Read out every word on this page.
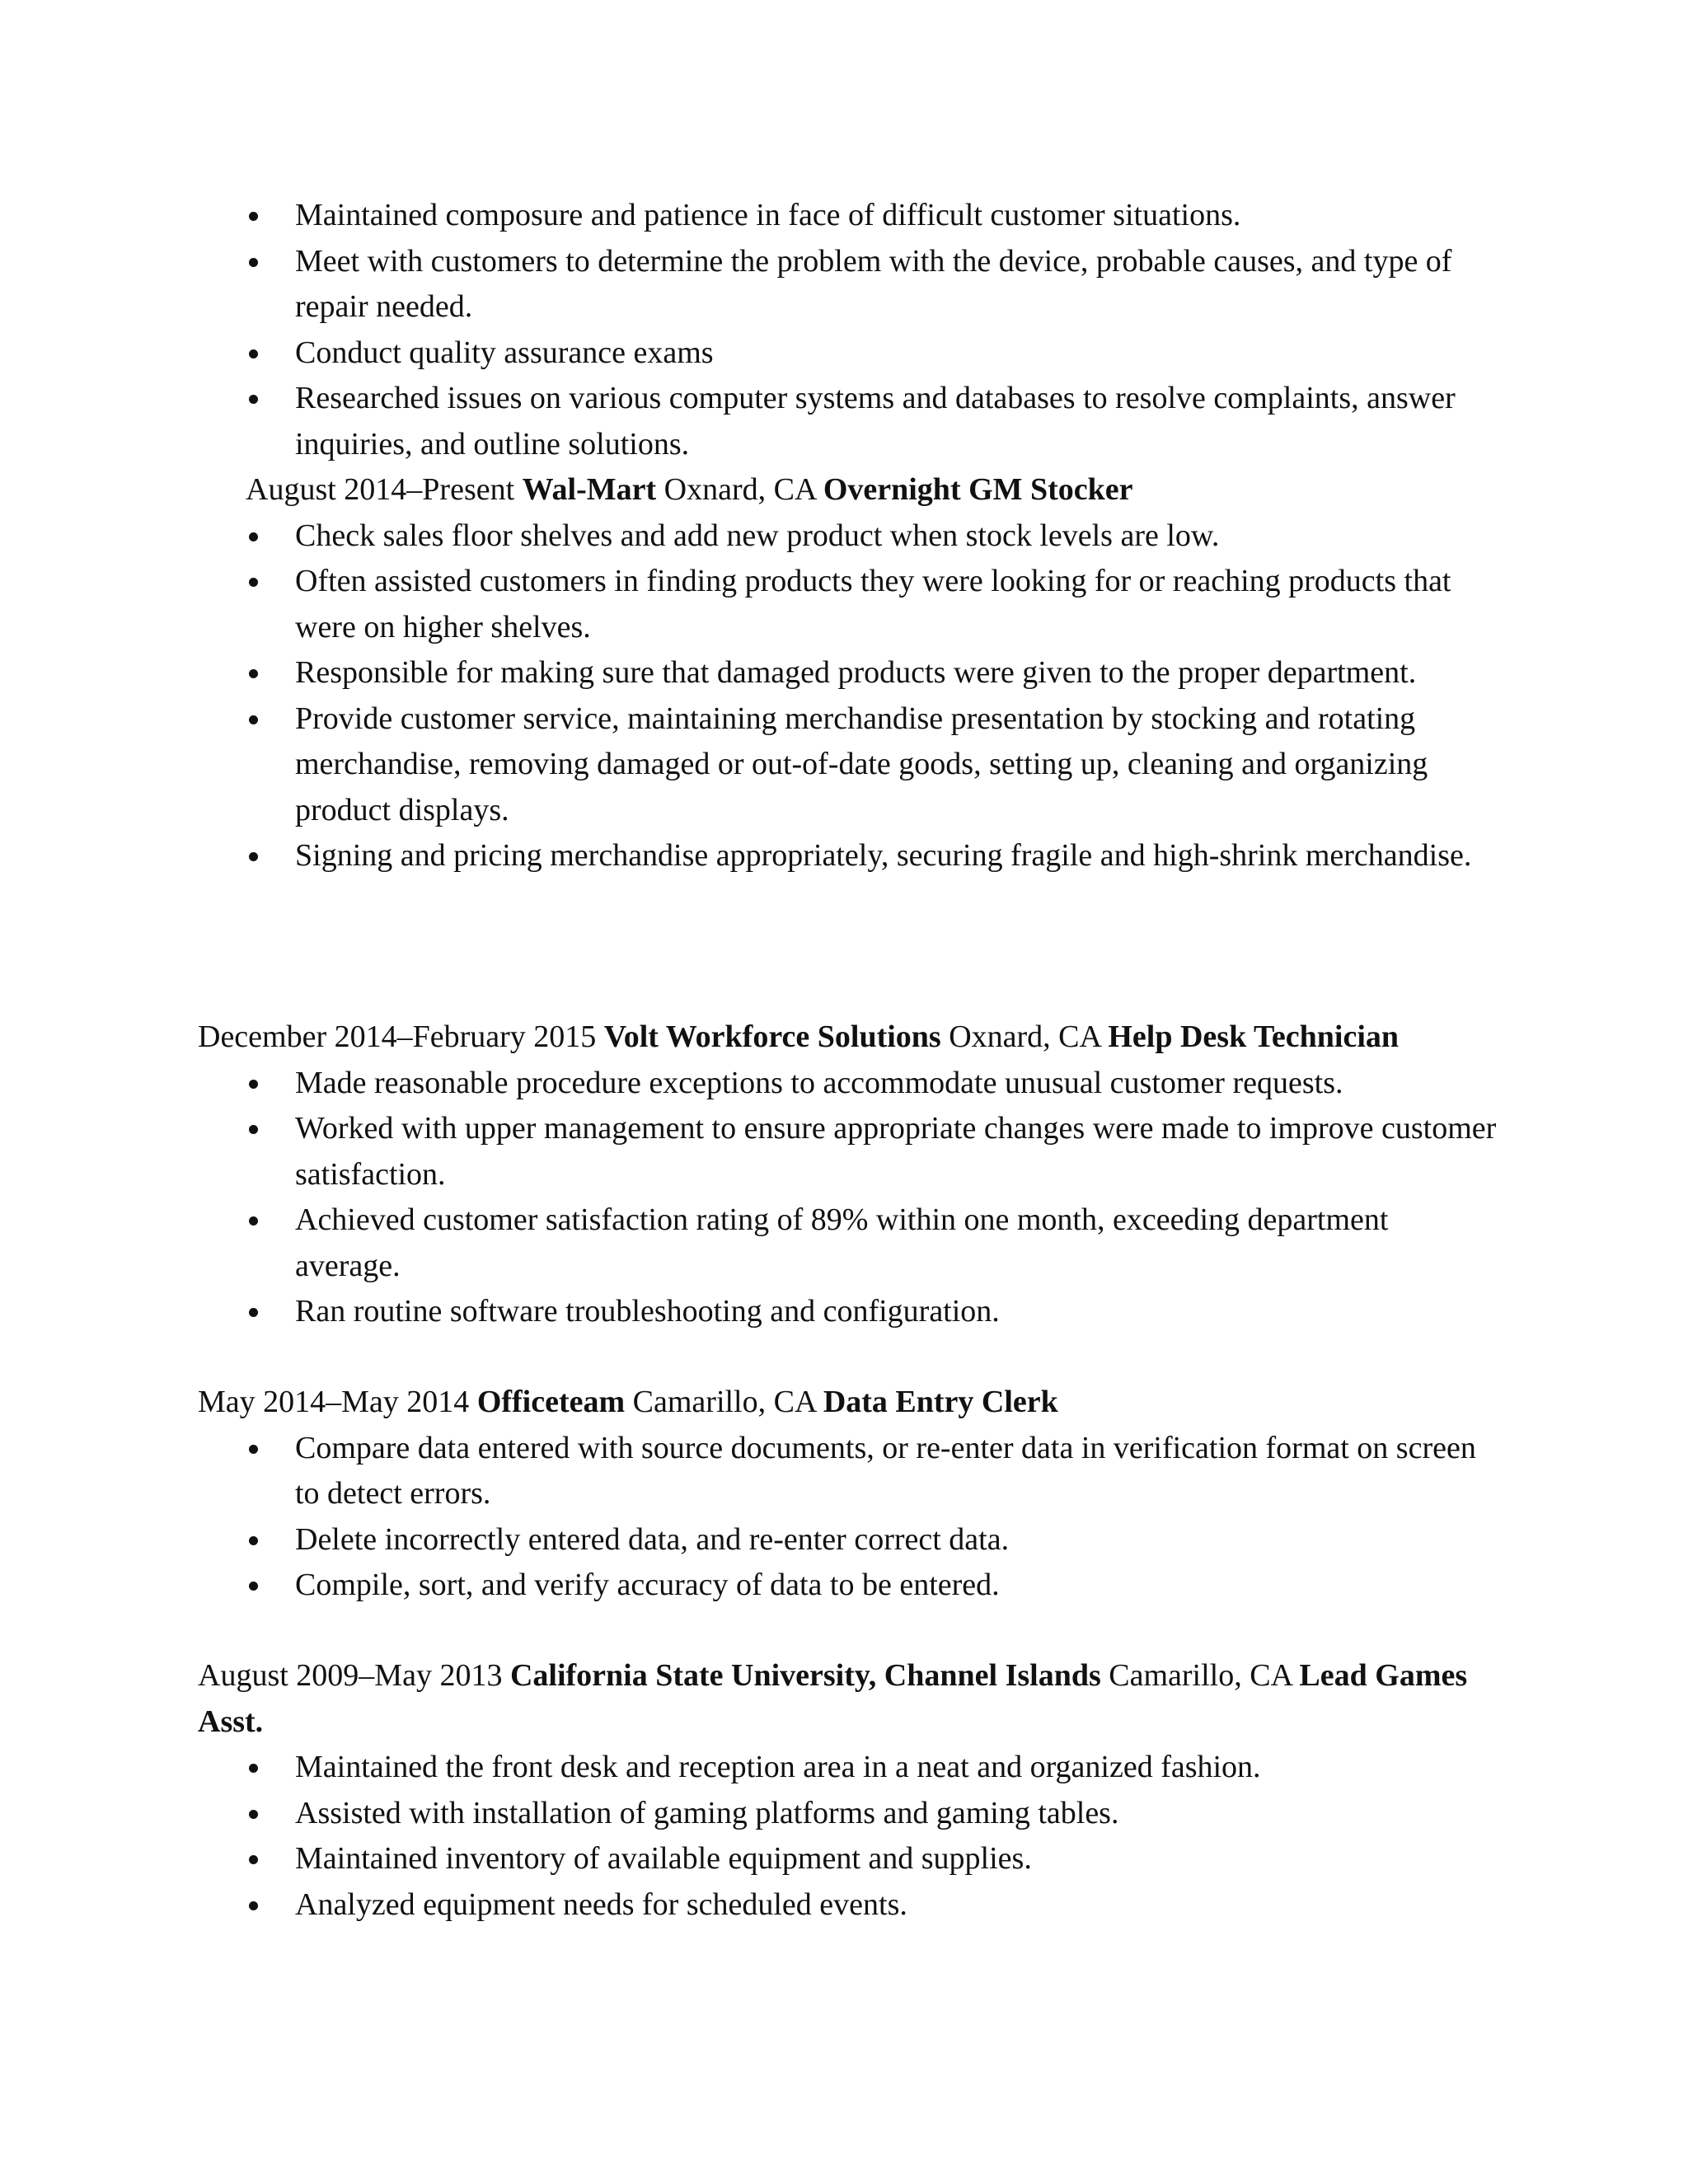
Maintained composure and patience in face of difficult customer situations.
Meet with customers to determine the problem with the device, probable causes, and type of repair needed.
Conduct quality assurance exams
Researched issues on various computer systems and databases to resolve complaints, answer inquiries, and outline solutions.

August 2014–Present Wal-Mart Oxnard, CA Overnight GM Stocker

Check sales floor shelves and add new product when stock levels are low.
Often assisted customers in finding products they were looking for or reaching products that were on higher shelves.
Responsible for making sure that damaged products were given to the proper department.
Provide customer service, maintaining merchandise presentation by stocking and rotating merchandise, removing damaged or out-of-date goods, setting up, cleaning and organizing product displays.
Signing and pricing merchandise appropriately, securing fragile and high-shrink merchandise.

December 2014–February 2015 Volt Workforce Solutions Oxnard, CA Help Desk Technician

Made reasonable procedure exceptions to accommodate unusual customer requests.
Worked with upper management to ensure appropriate changes were made to improve customer satisfaction.
Achieved customer satisfaction rating of 89% within one month, exceeding department average.
Ran routine software troubleshooting and configuration.

May 2014–May 2014 Officeteam Camarillo, CA Data Entry Clerk

Compare data entered with source documents, or re-enter data in verification format on screen to detect errors.
Delete incorrectly entered data, and re-enter correct data.
Compile, sort, and verify accuracy of data to be entered.

August 2009–May 2013 California State University, Channel Islands Camarillo, CA Lead Games Asst.

Maintained the front desk and reception area in a neat and organized fashion.
Assisted with installation of gaming platforms and gaming tables.
Maintained inventory of available equipment and supplies.
Analyzed equipment needs for scheduled events.
